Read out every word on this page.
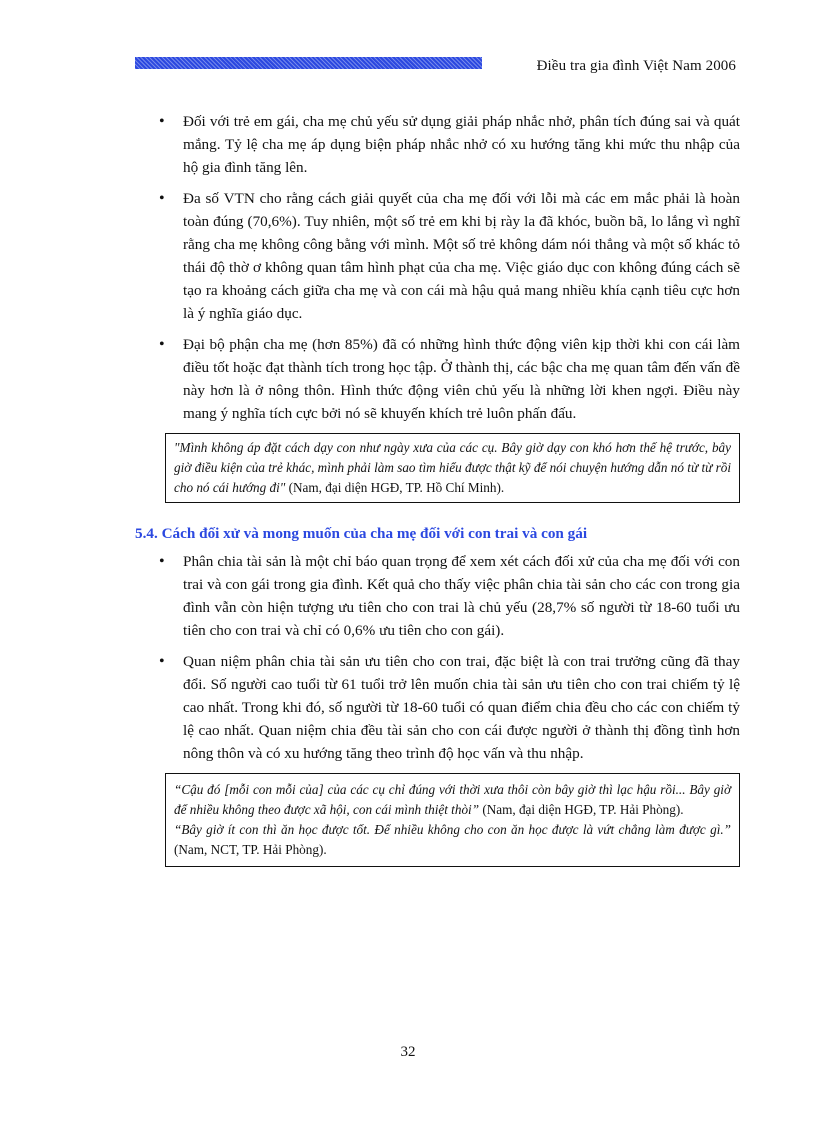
Điều tra gia đình Việt Nam 2006
• Đối với trẻ em gái, cha mẹ chủ yếu sử dụng giải pháp nhắc nhở, phân tích đúng sai và quát mắng. Tỷ lệ cha mẹ áp dụng biện pháp nhắc nhở có xu hướng tăng khi mức thu nhập của hộ gia đình tăng lên.
• Đa số VTN cho rằng cách giải quyết của cha mẹ đối với lỗi mà các em mắc phải là hoàn toàn đúng (70,6%). Tuy nhiên, một số trẻ em khi bị rày la đã khóc, buồn bã, lo lắng vì nghĩ rằng cha mẹ không công bằng với mình. Một số trẻ không dám nói thẳng và một số khác tỏ thái độ thờ ơ không quan tâm hình phạt của cha mẹ. Việc giáo dục con không đúng cách sẽ tạo ra khoảng cách giữa cha mẹ và con cái mà hậu quả mang nhiều khía cạnh tiêu cực hơn là ý nghĩa giáo dục.
• Đại bộ phận cha mẹ (hơn 85%) đã có những hình thức động viên kịp thời khi con cái làm điều tốt hoặc đạt thành tích trong học tập. Ở thành thị, các bậc cha mẹ quan tâm đến vấn đề này hơn là ở nông thôn. Hình thức động viên chủ yếu là những lời khen ngợi. Điều này mang ý nghĩa tích cực bởi nó sẽ khuyến khích trẻ luôn phấn đấu.
"Mình không áp đặt cách dạy con như ngày xưa của các cụ. Bây giờ dạy con khó hơn thế hệ trước, bây giờ điều kiện của trẻ khác, mình phải làm sao tìm hiểu được thật kỹ để nói chuyện hướng dẫn nó từ từ rồi cho nó cái hướng đi" (Nam, đại diện HGĐ, TP. Hồ Chí Minh).
5.4. Cách đối xử và mong muốn của cha mẹ đối với con trai và con gái
• Phân chia tài sản là một chỉ báo quan trọng để xem xét cách đối xử của cha mẹ đối với con trai và con gái trong gia đình. Kết quả cho thấy việc phân chia tài sản cho các con trong gia đình vẫn còn hiện tượng ưu tiên cho con trai là chủ yếu (28,7% số người từ 18-60 tuổi ưu tiên cho con trai và chỉ có 0,6% ưu tiên cho con gái).
• Quan niệm phân chia tài sản ưu tiên cho con trai, đặc biệt là con trai trưởng cũng đã thay đổi. Số người cao tuổi từ 61 tuổi trở lên muốn chia tài sản ưu tiên cho con trai chiếm tỷ lệ cao nhất. Trong khi đó, số người từ 18-60 tuổi có quan điểm chia đều cho các con chiếm tỷ lệ cao nhất. Quan niệm chia đều tài sản cho con cái được người ở thành thị đồng tình hơn nông thôn và có xu hướng tăng theo trình độ học vấn và thu nhập.
“Cậu đó [mỗi con mỗi của] của các cụ chỉ đúng với thời xưa thôi còn bây giờ thì lạc hậu rồi... Bây giờ để nhiều không theo được xã hội, con cái mình thiệt thòi” (Nam, đại diện HGĐ, TP. Hải Phòng).
“Bây giờ ít con thì ăn học được tốt. Để nhiều không cho con ăn học được là vứt chẳng làm được gì.” (Nam, NCT, TP. Hải Phòng).
32
